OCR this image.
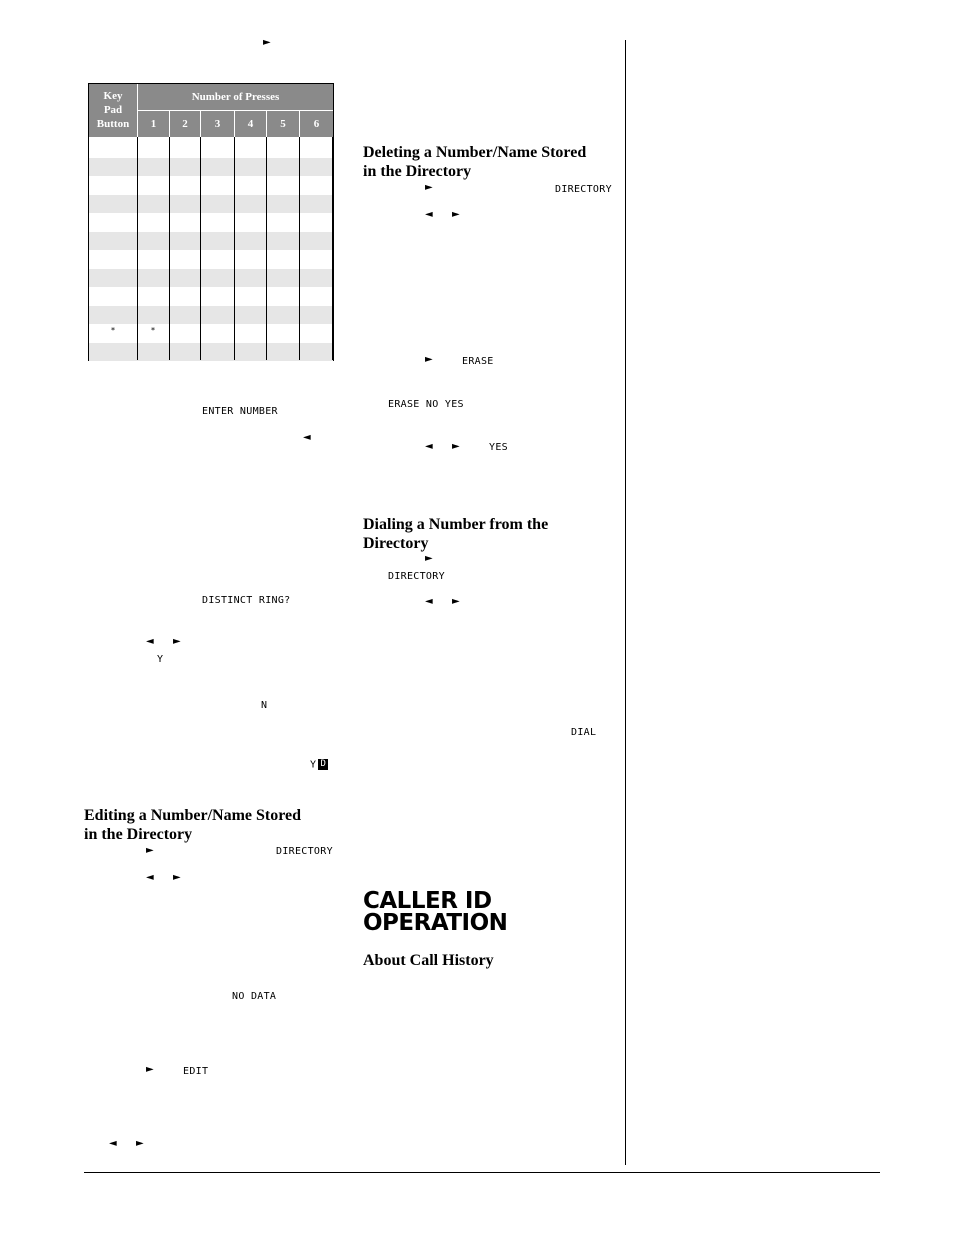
►
Key
Pad
Button
Number of Presses
1	2	3	4	5	6
*	*
ENTER NUMBER
◄
DISTINCT RING?
◄ ►
Y
N
Y D
Editing a Number/Name Stored
in the Directory
►	DIRECTORY
◄ ►
NO DATA
►	EDIT
◄ ►
Deleting a Number/Name Stored
in the Directory
►	DIRECTORY
◄ ►
►	ERASE
ERASE NO YES
◄ ►	YES
Dialing a Number from the
Directory
►
DIRECTORY
◄ ►
DIAL
CALLER ID
OPERATION
About Call History
